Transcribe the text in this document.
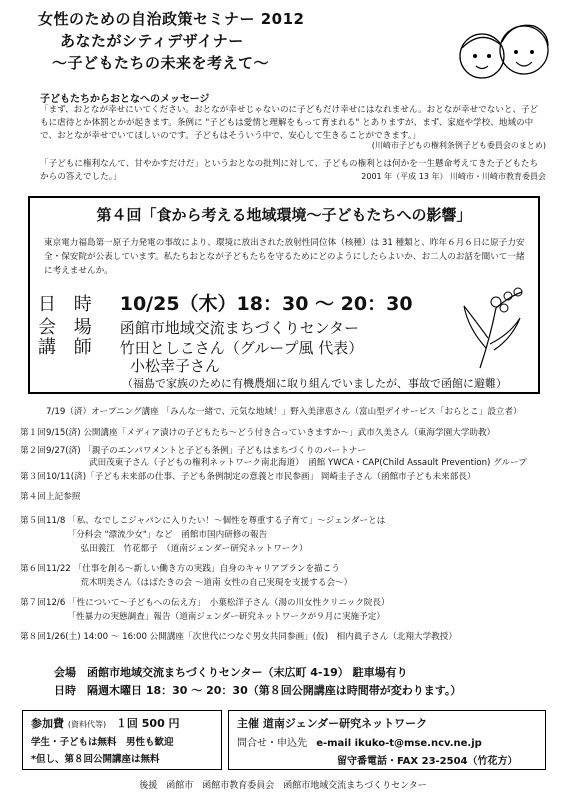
女性のための自治政策セミナー 2012
あなたがシティデザイナー
～子どもたちの未来を考えて～
子どもたちからおとなへのメッセージ
「まず、おとなが幸せにいてください。おとなが幸せじゃないのに子どもだけ幸せにはなれません。おとなが幸せでないと、子どもに虐待とか体罰とかが起きます。条例に "子どもは愛情と理解をもって育まれる" とありますが、まず、家庭や学校、地域の中で、おとなが幸せでいてほしいのです。子どもはそういう中で、安心して生きることができます。」
(川崎市子どもの権利条例子ども委員会のまとめ)
「子どもに権利なんて、甘やかすだけだ」というおとなの批判に対して、子どもの権利とは何かを一生懸命考えてきた子どもたちからの答えでした。」	2001 年（平成 13 年） 川崎市・川崎市教育委員会
第４回「食から考える地域環境～子どもたちへの影響」
東京電力福島第一原子力発電の事故により、環境に放出された放射性同位体（核種）は 31 種類と、昨年６月６日に原子力安全・保安院が公表しています。私たちおとなが子どもたちを守るためにどのようにしたらよいか、お二人のお話を聞いて一緒に考えませんか。
日 時 10/25（木）18：30 ～ 20：30
会 場 函館市地域交流まちづくりセンター
講 師 竹田としこさん（グループ風 代表）
小松幸子さん
（福島で家族のために有機農畑に取り組んでいましたが、事故で函館に避難）
7/19（済）オープニング講座 「みんな一緒で、元気な地域！」野入美津恵さん（富山型デイサービス「おらとこ」設立者）
第１回9/15(済) 公開講座「メディア漬けの子どもたち～どう付き合っていきますか～」武市久美さん（東海学園大学助教）
第２回9/27(済) 「親子のエンパワメントと子ども条例」子どもはまちづくりのパートナー
　　　　　武田茂東子さん（子どもの権利ネットワーク南北海道）　函館 YWCA・CAP(Child Assault Prevention) グループ
第３回10/11(済)「子ども未来部の仕事、子ども条例制定の意義と市民参画」 岡崎圭子さん（函館市子ども未来部長）
第４回上記参照
第５回11/8 「私、なでしこジャパンに入りたい！～個性を尊重する子育て」～ジェンダーとは
　　　「分科会 "漂流少女"」など　函館市国内研修の報告
　　　　弘田義江　竹花都子　（道南ジェンダー研究ネットワーク）
第６回11/22 「仕事を創る～新しい働き方の実践」自身のキャリアプランを描こう
　　　　荒木明美さん（はばたきの会 ～道南 女性の自己実現を支援する会～）
第７回12/6 「性について～子どもへの伝え方」　小葉松洋子さん（湯の川女性クリニック院長）
　　　「性暴力の実態調査」報告（道南ジェンダー研究ネットワークが９月に実施予定）
第８回1/26(土) 14:00 ～ 16:00 公開講座「次世代につなぐ男女共同参画」(仮)　相内眞子さん（北翔大学教授）
会場　函館市地域交流まちづくりセンター（末広町 4-19） 駐車場有り
日時　隔週木曜日 18：30 ～ 20：30（第８回公開講座は時間帯が変わります。）
参加費 (資料代等) １回 500 円
学生・子どもは無料　男性も歓迎
*但し、第８回公開講座は無料
主催 道南ジェンダー研究ネットワーク
問合せ・申込先 e-mail ikuko-t@mse.ncv.ne.jp
留守番電話・FAX 23-2504（竹花方）
後援　函館市　函館市教育委員会　函館市地域交流まちづくりセンター
